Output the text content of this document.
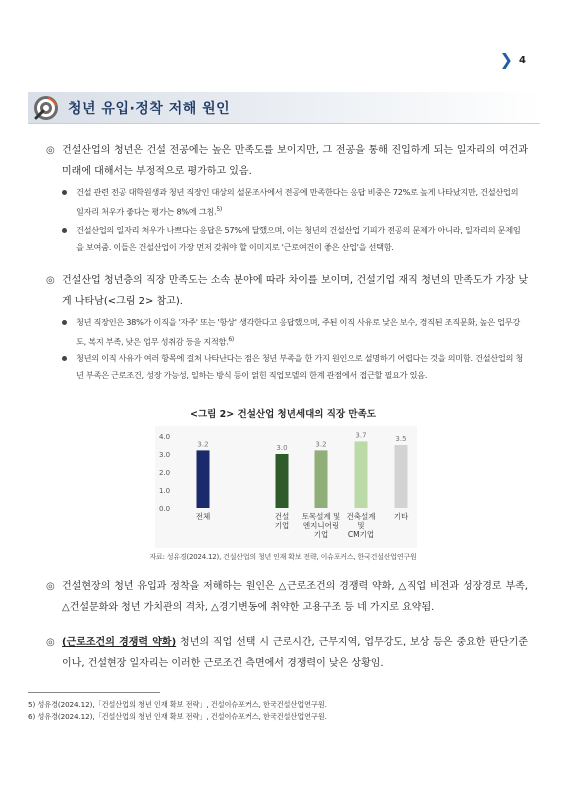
❯ 4
청년 유입·정착 저해 원인
◎ 건설산업의 청년은 건설 전공에는 높은 만족도를 보이지만, 그 전공을 통해 진입하게 되는 일자리의 여건과 미래에 대해서는 부정적으로 평가하고 있음.
건설 관련 전공 대학원생과 청년 직장인 대상의 설문조사에서 전공에 만족한다는 응답 비중은 72%로 높게 나타났지만, 건설산업의 일자리 처우가 좋다는 평가는 8%에 그침.$^{5)}$
건설산업의 일자리 처우가 나쁘다는 응답은 57%에 달했으며, 이는 청년의 건설산업 기피가 전공의 문제가 아니라, 일자리의 문제임을 보여줌. 이들은 건설산업이 가장 먼저 갖춰야 할 이미지로 '근로여건이 좋은 산업'을 선택함.
◎ 건설산업 청년층의 직장 만족도는 소속 분야에 따라 차이를 보이며, 건설기업 재직 청년의 만족도가 가장 낮게 나타남(<그림 2> 참고).
청년 직장인은 38%가 이직을 '자주' 또는 '항상' 생각한다고 응답했으며, 주된 이직 사유로 낮은 보수, 경직된 조직문화, 높은 업무강도, 복지 부족, 낮은 업무 성취감 등을 지적함.$^{6)}$
청년의 이직 사유가 여러 항목에 걸쳐 나타난다는 점은 청년 부족을 한 가지 원인으로 설명하기 어렵다는 것을 의미함. 건설산업의 청년 부족은 근로조건, 성장 가능성, 일하는 방식 등이 얽힌 직업모델의 한계 관점에서 접근할 필요가 있음.
<그림 2> 건설산업 청년세대의 직장 만족도
0.0
1.0
2.0
3.0
4.0
3.2
전체
3.0
건설
기업
3.2
토목설계 및
엔지니어링
기업
3.7
건축설계
및
CM기업
3.5
기타
자료: 성유경(2024.12), 건설산업의 청년 인재 확보 전략, 이슈포커스, 한국건설산업연구원
◎ 건설현장의 청년 유입과 정착을 저해하는 원인은 △근로조건의 경쟁력 약화, △직업 비전과 성장경로 부족, △건설문화와 청년 가치관의 격차, △경기변동에 취약한 고용구조 등 네 가지로 요약됨.
◎ (근로조건의 경쟁력 약화) 청년의 직업 선택 시 근로시간, 근무지역, 업무강도, 보상 등은 중요한 판단기준이나, 건설현장 일자리는 이러한 근로조건 측면에서 경쟁력이 낮은 상황임.
5) 성유경(2024.12),「건설산업의 청년 인재 확보 전략」, 건설이슈포커스, 한국건설산업연구원.
6) 성유경(2024.12),「건설산업의 청년 인재 확보 전략」, 건설이슈포커스, 한국건설산업연구원.
